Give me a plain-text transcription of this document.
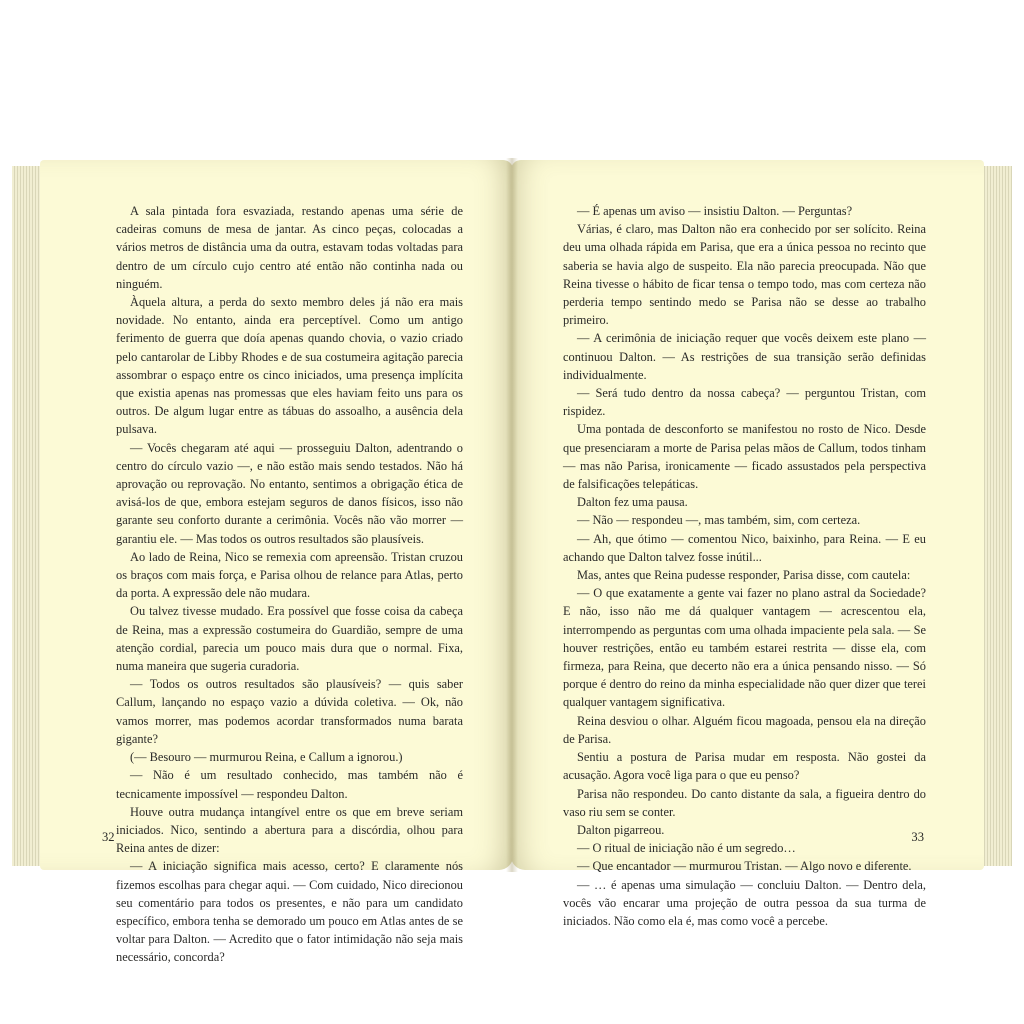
A sala pintada fora esvaziada, restando apenas uma série de cadeiras comuns de mesa de jantar. As cinco peças, colocadas a vários metros de distância uma da outra, estavam todas voltadas para dentro de um círculo cujo centro até então não continha nada ou ninguém.

Àquela altura, a perda do sexto membro deles já não era mais novidade. No entanto, ainda era perceptível. Como um antigo ferimento de guerra que doía apenas quando chovia, o vazio criado pelo cantarolar de Libby Rhodes e de sua costumeira agitação parecia assombrar o espaço entre os cinco iniciados, uma presença implícita que existia apenas nas promessas que eles haviam feito uns para os outros. De algum lugar entre as tábuas do assoalho, a ausência dela pulsava.

— Vocês chegaram até aqui — prosseguiu Dalton, adentrando o centro do círculo vazio —, e não estão mais sendo testados. Não há aprovação ou reprovação. No entanto, sentimos a obrigação ética de avisá-los de que, embora estejam seguros de danos físicos, isso não garante seu conforto durante a cerimônia. Vocês não vão morrer — garantiu ele. — Mas todos os outros resultados são plausíveis.

Ao lado de Reina, Nico se remexia com apreensão. Tristan cruzou os braços com mais força, e Parisa olhou de relance para Atlas, perto da porta. A expressão dele não mudara.

Ou talvez tivesse mudado. Era possível que fosse coisa da cabeça de Reina, mas a expressão costumeira do Guardião, sempre de uma atenção cordial, parecia um pouco mais dura que o normal. Fixa, numa maneira que sugeria curadoria.

— Todos os outros resultados são plausíveis? — quis saber Callum, lançando no espaço vazio a dúvida coletiva. — Ok, não vamos morrer, mas podemos acordar transformados numa barata gigante?

(— Besouro — murmurou Reina, e Callum a ignorou.)

— Não é um resultado conhecido, mas também não é tecnicamente impossível — respondeu Dalton.

Houve outra mudança intangível entre os que em breve seriam iniciados. Nico, sentindo a abertura para a discórdia, olhou para Reina antes de dizer:

— A iniciação significa mais acesso, certo? E claramente nós fizemos escolhas para chegar aqui. — Com cuidado, Nico direcionou seu comentário para todos os presentes, e não para um candidato específico, embora tenha se demorado um pouco em Atlas antes de se voltar para Dalton. — Acredito que o fator intimidação não seja mais necessário, concorda?

32

— É apenas um aviso — insistiu Dalton. — Perguntas?

Várias, é claro, mas Dalton não era conhecido por ser solícito. Reina deu uma olhada rápida em Parisa, que era a única pessoa no recinto que saberia se havia algo de suspeito. Ela não parecia preocupada. Não que Reina tivesse o hábito de ficar tensa o tempo todo, mas com certeza não perderia tempo sentindo medo se Parisa não se desse ao trabalho primeiro.

— A cerimônia de iniciação requer que vocês deixem este plano — continuou Dalton. — As restrições de sua transição serão definidas individualmente.

— Será tudo dentro da nossa cabeça? — perguntou Tristan, com rispidez.

Uma pontada de desconforto se manifestou no rosto de Nico. Desde que presenciaram a morte de Parisa pelas mãos de Callum, todos tinham — mas não Parisa, ironicamente — ficado assustados pela perspectiva de falsificações telepáticas.

Dalton fez uma pausa.

— Não — respondeu —, mas também, sim, com certeza.

— Ah, que ótimo — comentou Nico, baixinho, para Reina. — E eu achando que Dalton talvez fosse inútil...

Mas, antes que Reina pudesse responder, Parisa disse, com cautela:

— O que exatamente a gente vai fazer no plano astral da Sociedade? E não, isso não me dá qualquer vantagem — acrescentou ela, interrompendo as perguntas com uma olhada impaciente pela sala. — Se houver restrições, então eu também estarei restrita — disse ela, com firmeza, para Reina, que decerto não era a única pensando nisso. — Só porque é dentro do reino da minha especialidade não quer dizer que terei qualquer vantagem significativa.

Reina desviou o olhar. Alguém ficou magoada, pensou ela na direção de Parisa.

Sentiu a postura de Parisa mudar em resposta. Não gostei da acusação. Agora você liga para o que eu penso?

Parisa não respondeu. Do canto distante da sala, a figueira dentro do vaso riu sem se conter.

Dalton pigarreou.

— O ritual de iniciação não é um segredo…

— Que encantador — murmurou Tristan. — Algo novo e diferente.

— … é apenas uma simulação — concluiu Dalton. — Dentro dela, vocês vão encarar uma projeção de outra pessoa da sua turma de iniciados. Não como ela é, mas como você a percebe.

33
